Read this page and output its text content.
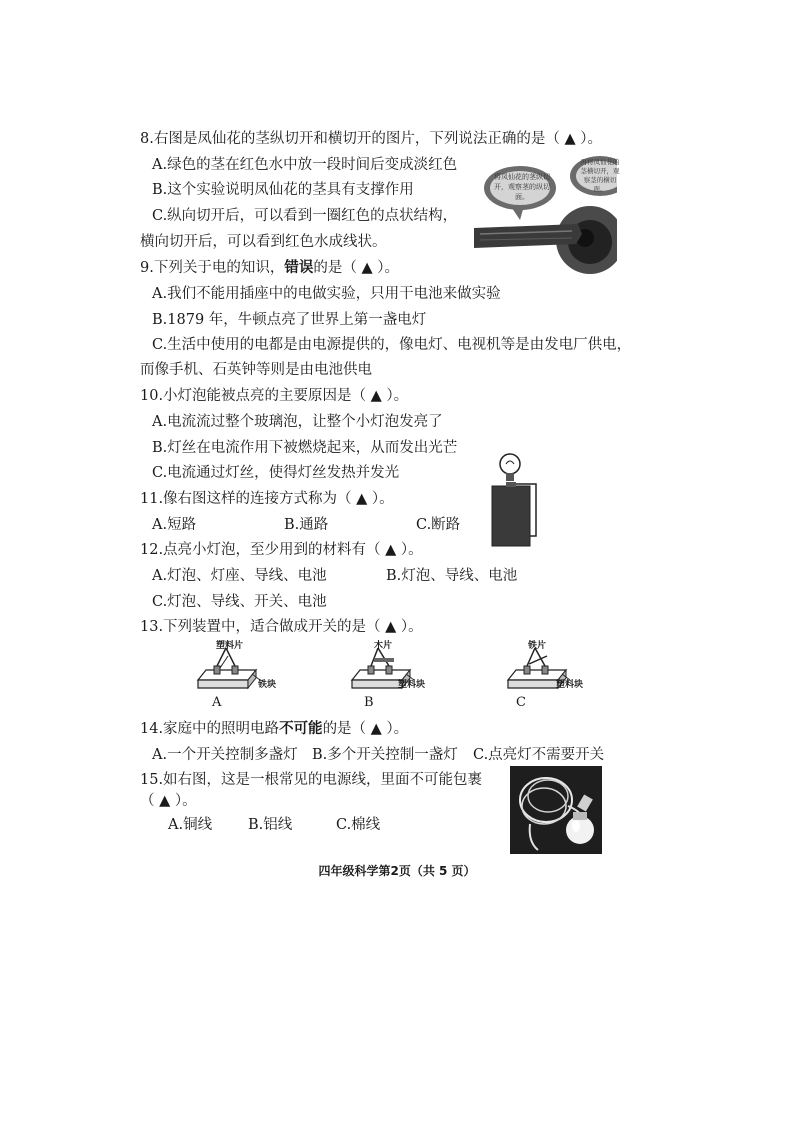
8.右图是凤仙花的茎纵切开和横切开的图片，下列说法正确的是（ ▲ ）。
A.绿色的茎在红色水中放一段时间后变成淡红色
B.这个实验说明凤仙花的茎具有支撑作用
C.纵向切开后，可以看到一圈红色的点状结构，
横向切开后，可以看到红色水成线状。
将凤仙花的茎纵切开，观察茎的纵切面。
再将凤仙花的茎横切开，观察茎的横切面。
9.下列关于电的知识，错误的是（ ▲ ）。
A.我们不能用插座中的电做实验，只用干电池来做实验
B.1879 年，牛顿点亮了世界上第一盏电灯
C.生活中使用的电都是由电源提供的，像电灯、电视机等是由发电厂供电，
而像手机、石英钟等则是由电池供电
10.小灯泡能被点亮的主要原因是（ ▲ ）。
A.电流流过整个玻璃泡，让整个小灯泡发亮了
B.灯丝在电流作用下被燃烧起来，从而发出光芒
C.电流通过灯丝，使得灯丝发热并发光
11.像右图这样的连接方式称为（ ▲ ）。
A.短路	B.通路	C.断路
12.点亮小灯泡，至少用到的材料有（ ▲ ）。
A.灯泡、灯座、导线、电池	B.灯泡、导线、电池
C.灯泡、导线、开关、电池
13.下列装置中，适合做成开关的是（ ▲ ）。
塑料片
铁块
A
木片
塑料块
B
铁片
塑料块
C
14.家庭中的照明电路不可能的是（ ▲ ）。
A.一个开关控制多盏灯 B.多个开关控制一盏灯 C.点亮灯不需要开关
15.如右图，这是一根常见的电源线，里面不可能包裹
（ ▲ ）。
A.铜线 B.铝线	C.棉线
四年级科学第2页（共 5 页）
